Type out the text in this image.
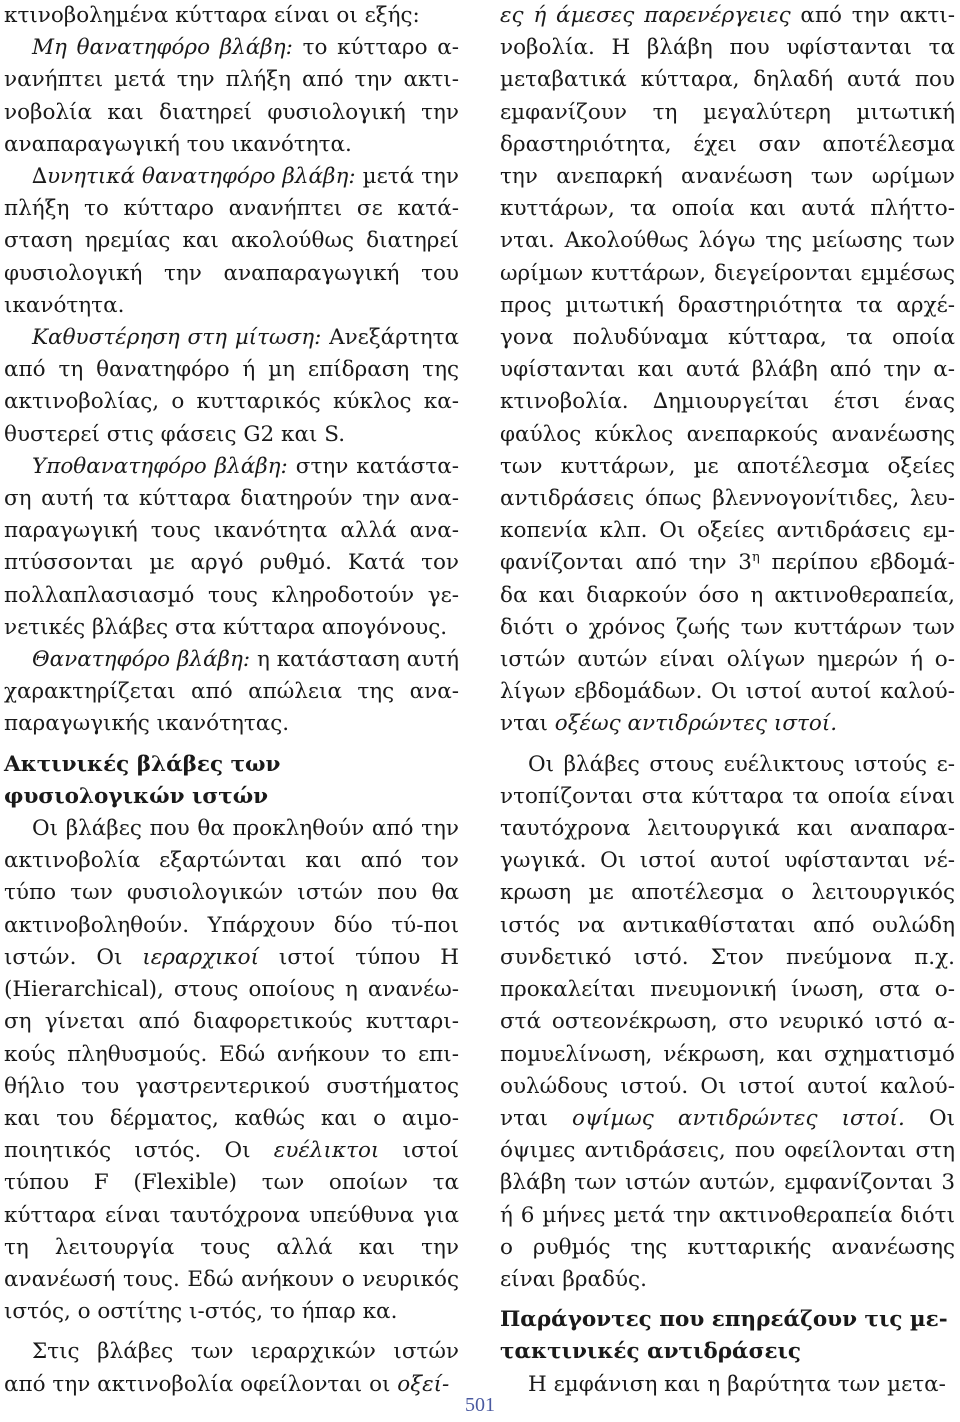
κτινοβοληµένα κύτταρα είναι οι εξής:

Μη θανατηφόρο βλάβη: το κύτταρο α-νανήπτει µετά την πλήξη από την ακτι-νοβολία και διατηρεί φυσιολογική την αναπαραγωγική του ικανότητα.

∆υνητικά θανατηφόρο βλάβη: µετά την πλήξη το κύτταρο ανανήπτει σε κατά-σταση ηρεµίας και ακολούθως διατηρεί φυσιολογική την αναπαραγωγική του ικανότητα.

Καθυστέρηση στη µίτωση: Ανεξάρτητα από τη θανατηφόρο ή µη επίδραση της ακτινοβολίας, ο κυτταρικός κύκλος κα-θυστερεί στις φάσεις G2 και S.

Υποθανατηφόρο βλάβη: στην κατάστα-ση αυτή τα κύτταρα διατηρούν την ανα-παραγωγική τους ικανότητα αλλά ανα-πτύσσονται µε αργό ρυθµό. Κατά τον πολλαπλασιασµό τους κληροδοτούν γε-νετικές βλάβες στα κύτταρα απογόνους.

Θανατηφόρο βλάβη: η κατάσταση αυτή χαρακτηρίζεται από απώλεια της ανα-παραγωγικής ικανότητας.

Ακτινικές βλάβες των φυσιολογικών ιστών

Οι βλάβες που θα προκληθούν από την ακτινοβολία εξαρτώνται και από τον τύπο των φυσιολογικών ιστών που θα ακτινοβοληθούν. Υπάρχουν δύο τύ-ποι ιστών. Οι ιεραρχικοί ιστοί τύπου H (Hierarchical), στους οποίους η ανανέω-ση γίνεται από διαφορετικούς κυτταρι-κούς πληθυσµούς. Εδώ ανήκουν το επι-θήλιο του γαστρεντερικού συστήµατος και του δέρµατος, καθώς και ο αιµο-ποιητικός ιστός. Οι ευέλικτοι ιστοί τύπου F (Flexible) των οποίων τα κύτταρα είναι ταυτόχρονα υπεύθυνα για τη λειτουργία τους αλλά και την ανανέωσή τους. Εδώ ανήκουν ο νευρικός ιστός, ο οστίτης ι-στός, το ήπαρ κα.

Στις βλάβες των ιεραρχικών ιστών από την ακτινοβολία οφείλονται οι οξεί-

ες ή άµεσες παρενέργειες από την ακτι-νοβολία. Η βλάβη που υφίστανται τα µεταβατικά κύτταρα, δηλαδή αυτά που εµφανίζουν τη µεγαλύτερη µιτωτική δραστηριότητα, έχει σαν αποτέλεσµα την ανεπαρκή ανανέωση των ωρίµων κυττάρων, τα οποία και αυτά πλήττο-νται. Ακολούθως λόγω της µείωσης των ωρίµων κυττάρων, διεγείρονται εµµέσως προς µιτωτική δραστηριότητα τα αρχέ-γονα πολυδύναµα κύτταρα, τα οποία υφίστανται και αυτά βλάβη από την α-κτινοβολία. ∆ηµιουργείται έτσι ένας φαύλος κύκλος ανεπαρκούς ανανέωσης των κυττάρων, µε αποτέλεσµα οξείες αντιδράσεις όπως βλεννογονίτιδες, λευ-κοπενία κλπ. Οι οξείες αντιδράσεις εµ-φανίζονται από την $3^\eta$ περίπου εβδοµά-δα και διαρκούν όσο η ακτινοθεραπεία, διότι ο χρόνος ζωής των κυττάρων των ιστών αυτών είναι ολίγων ηµερών ή ο-λίγων εβδοµάδων. Οι ιστοί αυτοί καλού-νται οξέως αντιδρώντες ιστοί.

Οι βλάβες στους ευέλικτους ιστούς ε-ντοπίζονται στα κύτταρα τα οποία είναι ταυτόχρονα λειτουργικά και αναπαρα-γωγικά. Οι ιστοί αυτοί υφίστανται νέ-κρωση µε αποτέλεσµα ο λειτουργικός ιστός να αντικαθίσταται από ουλώδη συνδετικό ιστό. Στον πνεύµονα π.χ. προκαλείται πνευµονική ίνωση, στα ο-στά οστεονέκρωση, στο νευρικό ιστό α-πоµυελίνωση, νέκρωση, και σχηµατισµό ουλώδους ιστού. Οι ιστοί αυτοί καλού-νται οψίµως αντιδρώντες ιστοί. Οι όψιµες αντιδράσεις, που οφείλονται στη βλάβη των ιστών αυτών, εµφανίζονται 3 ή 6 µήνες µετά την ακτινοθεραπεία διότι ο ρυθµός της κυτταρικής ανανέωσης είναι βραδύς.

Παράγοντες που επηρεάζουν τις µε-τακτινικές αντιδράσεις

Η εµφάνιση και η βαρύτητα των µετα-

501
